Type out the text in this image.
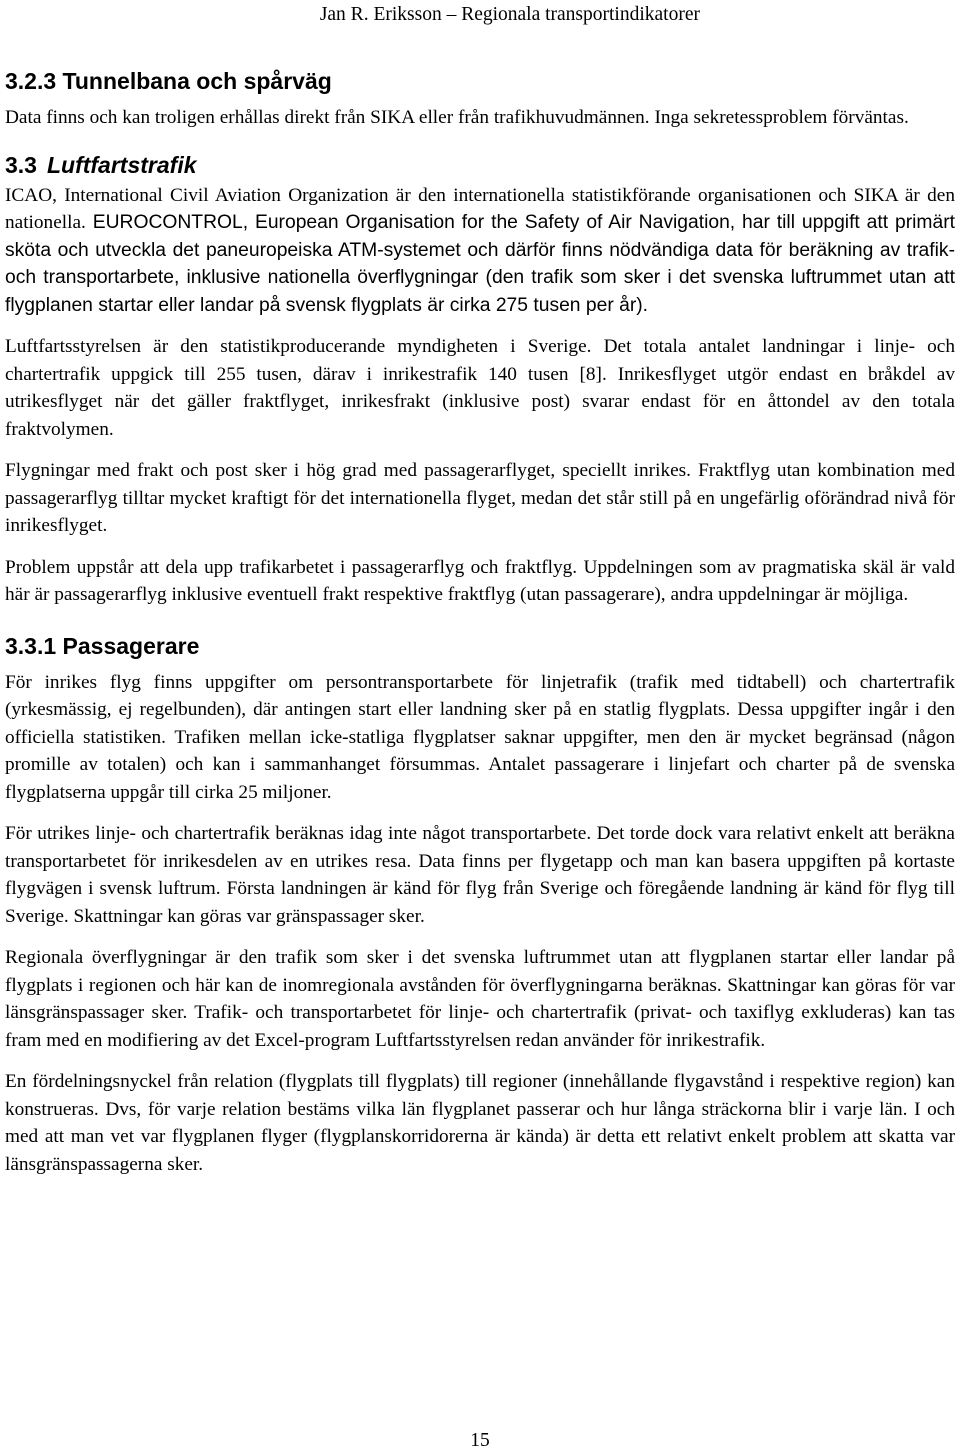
Jan R. Eriksson – Regionala transportindikatorer
3.2.3 Tunnelbana och spårväg

Data finns och kan troligen erhållas direkt från SIKA eller från trafikhuvudmännen. Inga sekretessproblem förväntas.

3.3 Luftfartstrafik

ICAO, International Civil Aviation Organization är den internationella statistikförande organisationen och SIKA är den nationella. EUROCONTROL, European Organisation for the Safety of Air Navigation, har till uppgift att primärt sköta och utveckla det paneuropeiska ATM-systemet och därför finns nödvändiga data för beräkning av trafik- och transportarbete, inklusive nationella överflygningar (den trafik som sker i det svenska luftrummet utan att flygplanen startar eller landar på svensk flygplats är cirka 275 tusen per år).

Luftfartsstyrelsen är den statistikproducerande myndigheten i Sverige. Det totala antalet landningar i linje- och chartertrafik uppgick till 255 tusen, därav i inrikestrafik 140 tusen [8]. Inrikesflyget utgör endast en bråkdel av utrikesflyget när det gäller fraktflyget, inrikesfrakt (inklusive post) svarar endast för en åttondel av den totala fraktvolymen.

Flygningar med frakt och post sker i hög grad med passagerarflyget, speciellt inrikes. Fraktflyg utan kombination med passagerarflyg tilltar mycket kraftigt för det internationella flyget, medan det står still på en ungefärlig oförändrad nivå för inrikesflyget.

Problem uppstår att dela upp trafikarbetet i passagerarflyg och fraktflyg. Uppdelningen som av pragmatiska skäl är vald här är passagerarflyg inklusive eventuell frakt respektive fraktflyg (utan passagerare), andra uppdelningar är möjliga.

3.3.1 Passagerare

För inrikes flyg finns uppgifter om persontransportarbete för linjetrafik (trafik med tidtabell) och chartertrafik (yrkesmässig, ej regelbunden), där antingen start eller landning sker på en statlig flygplats. Dessa uppgifter ingår i den officiella statistiken. Trafiken mellan icke-statliga flygplatser saknar uppgifter, men den är mycket begränsad (någon promille av totalen) och kan i sammanhanget försummas. Antalet passagerare i linjefart och charter på de svenska flygplatserna uppgår till cirka 25 miljoner.

För utrikes linje- och chartertrafik beräknas idag inte något transportarbete. Det torde dock vara relativt enkelt att beräkna transportarbetet för inrikesdelen av en utrikes resa. Data finns per flygetapp och man kan basera uppgiften på kortaste flygvägen i svensk luftrum. Första landningen är känd för flyg från Sverige och föregående landning är känd för flyg till Sverige. Skattningar kan göras var gränspassager sker.

Regionala överflygningar är den trafik som sker i det svenska luftrummet utan att flygplanen startar eller landar på flygplats i regionen och här kan de inomregionala avstånden för överflygningarna beräknas. Skattningar kan göras för var länsgränspassager sker. Trafik- och transportarbetet för linje- och chartertrafik (privat- och taxiflyg exkluderas) kan tas fram med en modifiering av det Excel-program Luftfartsstyrelsen redan använder för inrikestrafik.

En fördelningsnyckel från relation (flygplats till flygplats) till regioner (innehållande flygavstånd i respektive region) kan konstrueras. Dvs, för varje relation bestäms vilka län flygplanet passerar och hur långa sträckorna blir i varje län. I och med att man vet var flygplanen flyger (flygplanskorridorerna är kända) är detta ett relativt enkelt problem att skatta var länsgränspassagerna sker.

15
